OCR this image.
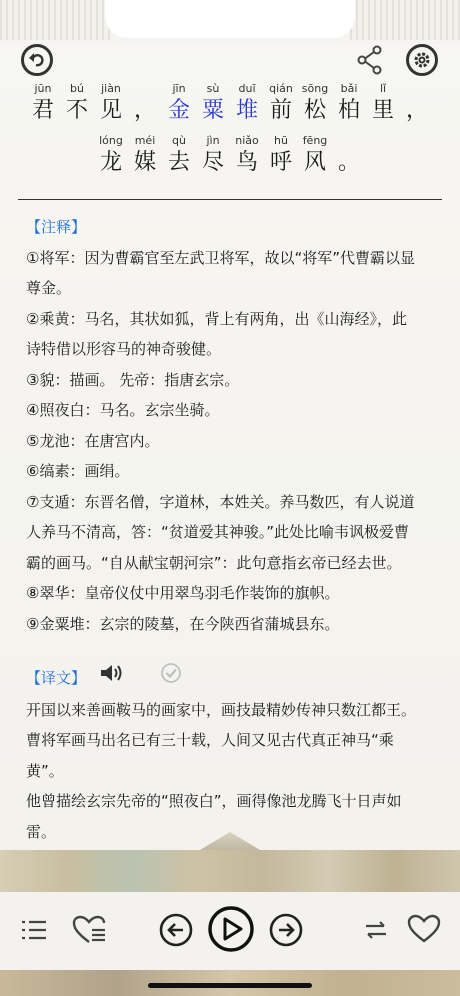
jūn
君
bú
不
jiàn
见 ，
jīn
金
sù
粟
duī
堆
qián
前
sōng
松
bǎi
柏
lǐ
里 ，
lóng
龙
méi
媒
qù
去
jìn
尽
niǎo
鸟
hū
呼
fēng
风 。
【注释】
①将军：因为曹霸官至左武卫将军，故以“将军”代曹霸以显
尊金。
②乘黄：马名，其状如狐，背上有两角，出《山海经》，此
诗特借以形容马的神奇骏健。
③貌：描画。 先帝：指唐玄宗。
④照夜白：马名。玄宗坐骑。
⑤龙池：在唐宫内。
⑥缟素：画绢。
⑦支遁：东晋名僧，字道林，本姓关。养马数匹，有人说道
人养马不清高，答：“贫道爱其神骏。”此处比喻韦讽极爱曹
霸的画马。“自从献宝朝河宗”：此句意指玄帝已经去世。
⑧翠华：皇帝仪仗中用翠鸟羽毛作装饰的旗帜。
⑨金粟堆：玄宗的陵墓，在今陕西省蒲城县东。
【译文】
开国以来善画鞍马的画家中，画技最精妙传神只数江都王。
曹将军画马出名已有三十载，人间又见古代真正神马“乘
黄”。
他曾描绘玄宗先帝的“照夜白”，画得像池龙腾飞十日声如
雷。
